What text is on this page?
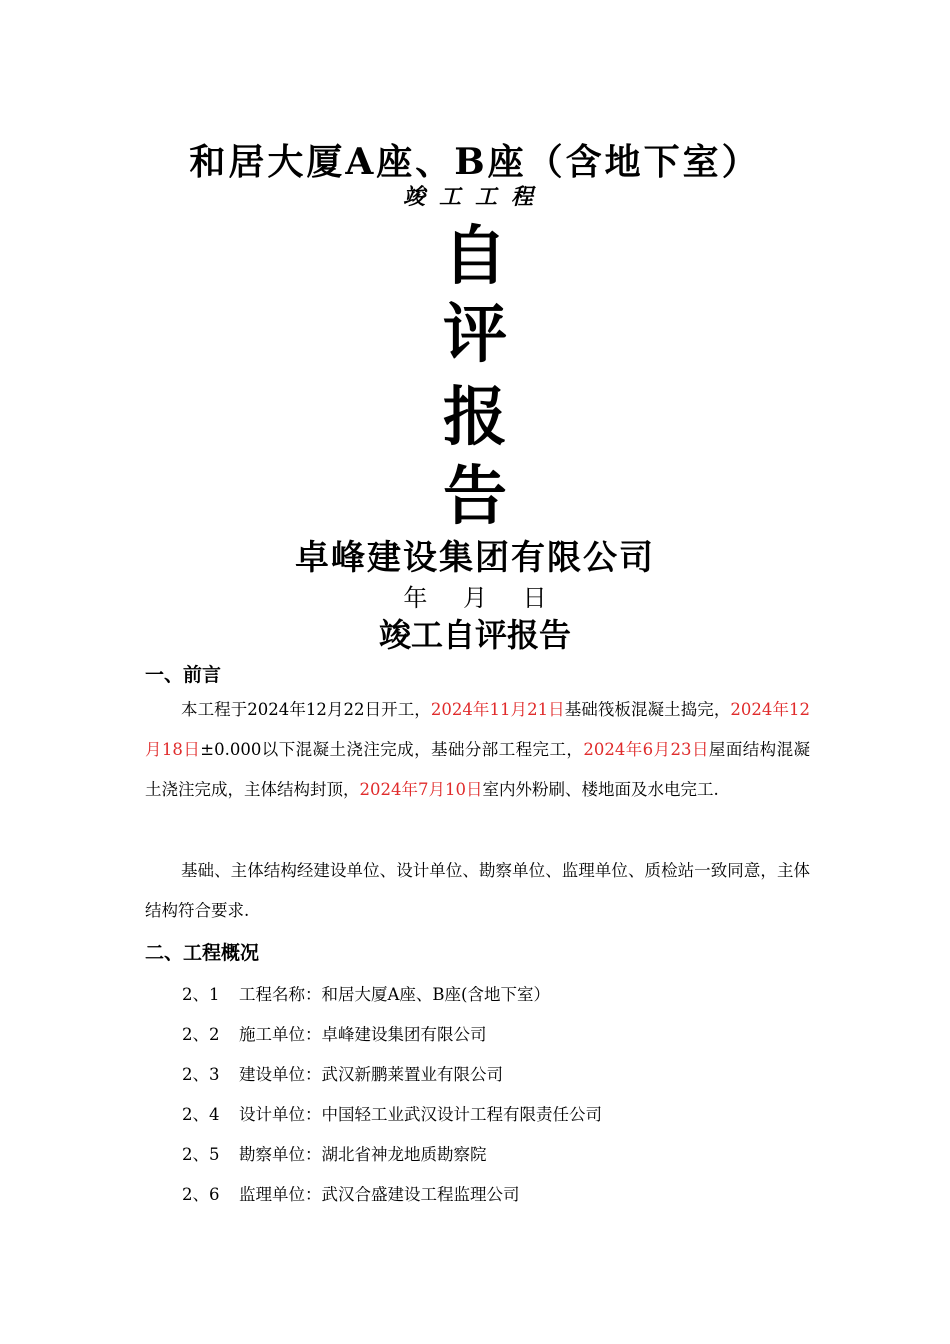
和居大厦A座、B座（含地下室）
竣工工程
自
评
报
告
卓峰建设集团有限公司
年 月 日
竣工自评报告
一、前言
本工程于2024年12月22日开工，2024年11月21日基础筏板混凝土捣完，2024年12月18日±0.000以下混凝土浇注完成，基础分部工程完工，2024年6月23日屋面结构混凝土浇注完成，主体结构封顶，2024年7月10日室内外粉刷、楼地面及水电完工.
基础、主体结构经建设单位、设计单位、勘察单位、监理单位、质检站一致同意，主体结构符合要求.
二、工程概况
2、1 工程名称：和居大厦A座、B座(含地下室）
2、2 施工单位：卓峰建设集团有限公司
2、3 建设单位：武汉新鹏莱置业有限公司
2、4 设计单位：中国轻工业武汉设计工程有限责任公司
2、5 勘察单位：湖北省神龙地质勘察院
2、6 监理单位：武汉合盛建设工程监理公司
